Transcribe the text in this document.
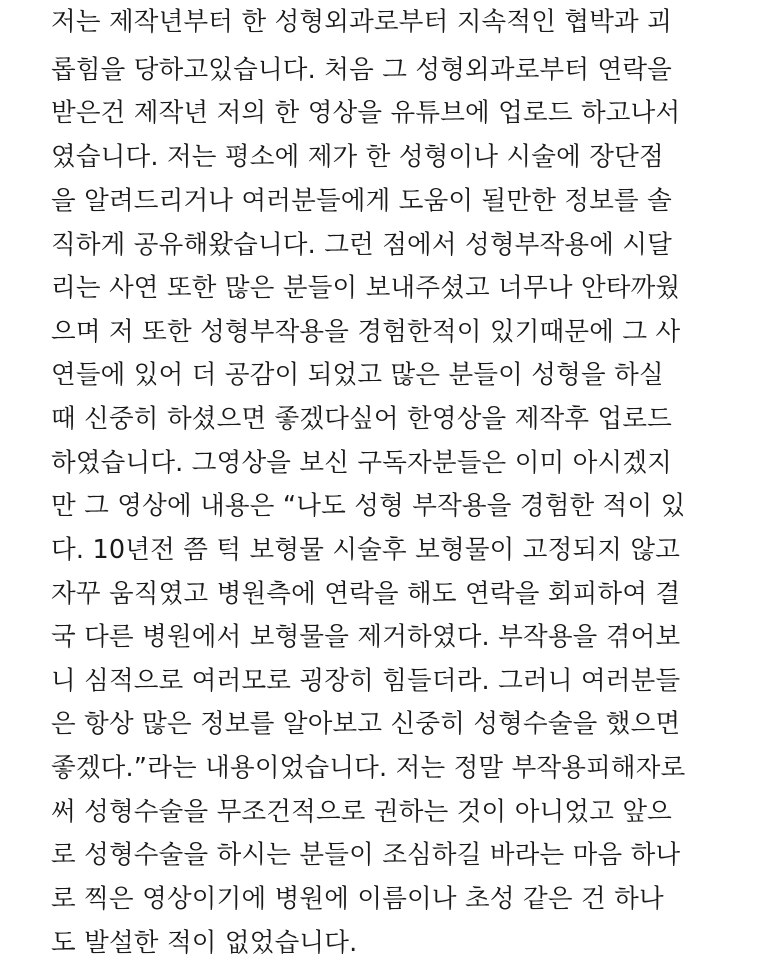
저는 제작년부터 한 성형외과로부터 지속적인 협박과 괴
롭힘을 당하고있습니다. 처음 그 성형외과로부터 연락을
받은건 제작년 저의 한 영상을 유튜브에 업로드 하고나서
였습니다. 저는 평소에 제가 한 성형이나 시술에 장단점
을 알려드리거나 여러분들에게 도움이 될만한 정보를 솔
직하게 공유해왔습니다. 그런 점에서 성형부작용에 시달
리는 사연 또한 많은 분들이 보내주셨고 너무나 안타까웠
으며 저 또한 성형부작용을 경험한적이 있기때문에 그 사
연들에 있어 더 공감이 되었고 많은 분들이 성형을 하실
때 신중히 하셨으면 좋겠다싶어 한영상을 제작후 업로드
하였습니다. 그영상을 보신 구독자분들은 이미 아시겠지
만 그 영상에 내용은 “나도 성형 부작용을 경험한 적이 있
다. 10년전 쯤 턱 보형물 시술후 보형물이 고정되지 않고
자꾸 움직였고 병원측에 연락을 해도 연락을 회피하여 결
국 다른 병원에서 보형물을 제거하였다. 부작용을 겪어보
니 심적으로 여러모로 굉장히 힘들더라. 그러니 여러분들
은 항상 많은 정보를 알아보고 신중히 성형수술을 했으면
좋겠다.”라는 내용이었습니다. 저는 정말 부작용피해자로
써 성형수술을 무조건적으로 권하는 것이 아니었고 앞으
로 성형수술을 하시는 분들이 조심하길 바라는 마음 하나
로 찍은 영상이기에 병원에 이름이나 초성 같은 건 하나
도 발설한 적이 없었습니다.
